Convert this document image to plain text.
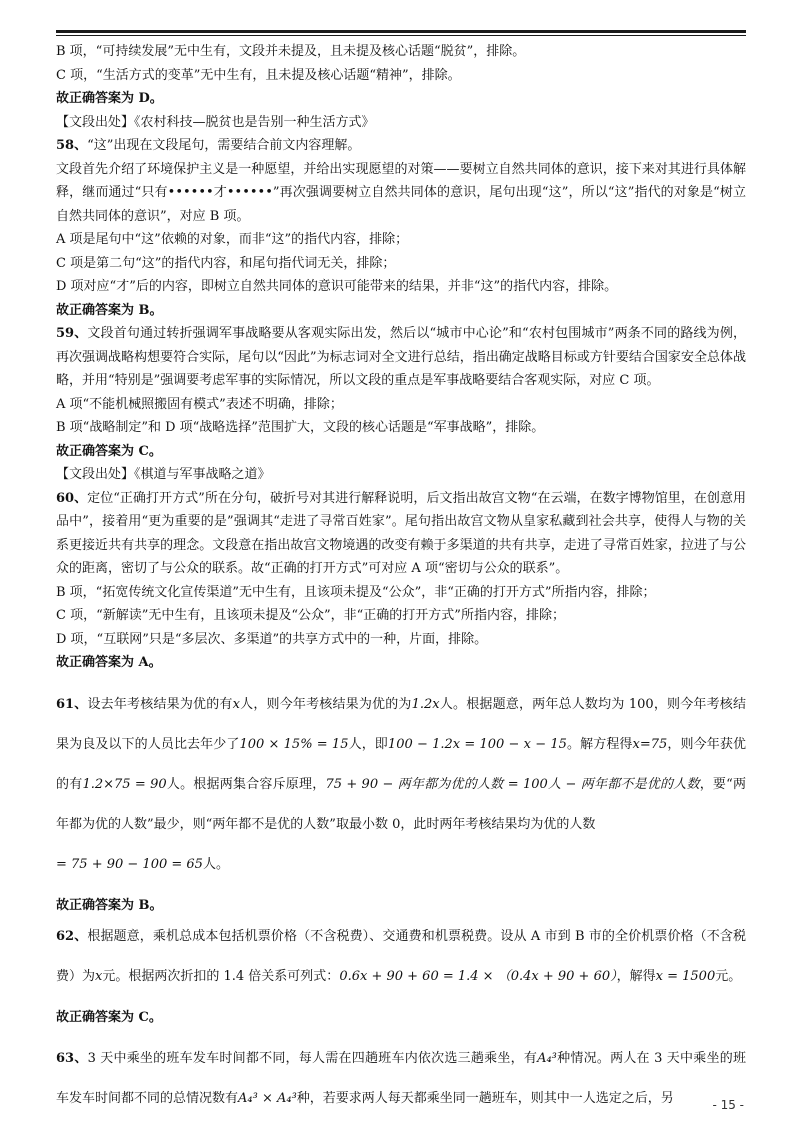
B 项，“可持续发展”无中生有，文段并未提及，且未提及核心话题“脱贫”，排除。

C 项，“生活方式的变革”无中生有，且未提及核心话题“精神”，排除。

故正确答案为 D。

【文段出处】《农村科技—脱贫也是告别一种生活方式》

58、“这”出现在文段尾句，需要结合前文内容理解。

文段首先介绍了环境保护主义是一种愿望，并给出实现愿望的对策——要树立自然共同体的意识，接下来对其进行具体解释，继而通过“只有••••••才••••••”再次强调要树立自然共同体的意识，尾句出现“这”，所以“这”指代的对象是“树立自然共同体的意识”，对应 B 项。

A 项是尾句中“这”依赖的对象，而非“这”的指代内容，排除；

C 项是第二句“这”的指代内容，和尾句指代词无关，排除；

D 项对应“才”后的内容，即树立自然共同体的意识可能带来的结果，并非“这”的指代内容，排除。

故正确答案为 B。

59、文段首句通过转折强调军事战略要从客观实际出发，然后以“城市中心论”和“农村包围城市”两条不同的路线为例，再次强调战略构想要符合实际，尾句以“因此”为标志词对全文进行总结，指出确定战略目标或方针要结合国家安全总体战略，并用“特别是”强调要考虑军事的实际情况，所以文段的重点是军事战略要结合客观实际，对应 C 项。

A 项“不能机械照搬固有模式”表述不明确，排除；

B 项“战略制定”和 D 项“战略选择”范围扩大，文段的核心话题是“军事战略”，排除。

故正确答案为 C。

【文段出处】《棋道与军事战略之道》

60、定位“正确打开方式”所在分句，破折号对其进行解释说明，后文指出故宫文物“在云端，在数字博物馆里，在创意用品中”，接着用“更为重要的是”强调其“走进了寻常百姓家”。尾句指出故宫文物从皇家私藏到社会共享，使得人与物的关系更接近共有共享的理念。文段意在指出故宫文物境遇的改变有赖于多渠道的共有共享，走进了寻常百姓家，拉进了与公众的距离，密切了与公众的联系。故“正确的打开方式”可对应 A 项“密切与公众的联系”。

B 项，“拓宽传统文化宣传渠道”无中生有，且该项未提及“公众”，非“正确的打开方式”所指内容，排除；

C 项，“新解读”无中生有，且该项未提及“公众”，非“正确的打开方式”所指内容，排除；

D 项，“互联网”只是“多层次、多渠道”的共享方式中的一种，片面，排除。

故正确答案为 A。

61、设去年考核结果为优的有x人，则今年考核结果为优的为1.2x人。根据题意，两年总人数均为 100，则今年考核结果为良及以下的人员比去年少了100 × 15% = 15人，即100 − 1.2x = 100 − x − 15。解方程得x=75，则今年获优的有1.2×75 = 90人。根据两集合容斥原理，75 + 90 − 两年都为优的人数 = 100人 − 两年都不是优的人数，要“两年都为优的人数”最少，则“两年都不是优的人数”取最小数 0，此时两年考核结果均为优的人数
= 75 + 90 − 100 = 65人。

故正确答案为 B。

62、根据题意，乘机总成本包括机票价格（不含税费）、交通费和机票税费。设从 A 市到 B 市的全价机票价格（不含税费）为x元。根据两次折扣的 1.4 倍关系可列式：0.6x + 90 + 60 = 1.4 × （0.4x + 90 + 60），解得x = 1500元。

故正确答案为 C。

63、3 天中乘坐的班车发车时间都不同，每人需在四趟班车内依次选三趟乘坐，有A₄³种情况。两人在 3 天中乘坐的班车发车时间都不同的总情况数有A₄³ × A₄³种，若要求两人每天都乘坐同一趟班车，则其中一人选定之后，另	- 15 -
